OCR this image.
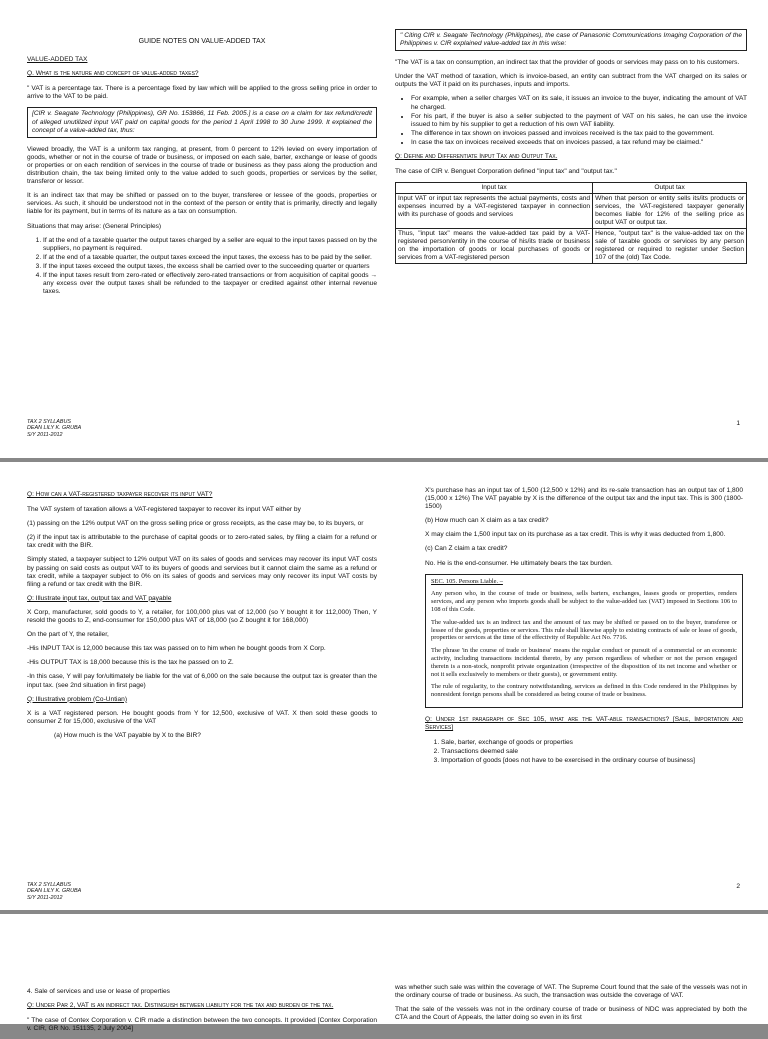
GUIDE NOTES ON VALUE-ADDED TAX

VALUE-ADDED TAX

Q. What is the nature and concept of value-added taxes?

" VAT is a percentage tax. There is a percentage fixed by law which will be applied to the gross selling price in order to arrive to the VAT to be paid.

[CIR v. Seagate Technology (Philippines), GR No. 153866, 11 Feb. 2005.] is a case on a claim for tax refund/credit of alleged unutilized input VAT paid on capital goods for the period 1 April 1998 to 30 June 1999. It explained the concept of a value-added tax, thus:

Viewed broadly, the VAT is a uniform tax ranging, at present, from 0 percent to 12% levied on every importation of goods, whether or not in the course of trade or business, or imposed on each sale, barter, exchange or lease of goods or properties or on each rendition of services in the course of trade or business as they pass along the production and distribution chain, the tax being limited only to the value added to such goods, properties or services by the seller, transferor or lessor.

It is an indirect tax that may be shifted or passed on to the buyer, transferee or lessee of the goods, properties or services. As such, it should be understood not in the context of the person or entity that is primarily, directly and legally liable for its payment, but in terms of its nature as a tax on consumption.

Situations that may arise: (General Principles)

1. If at the end of a taxable quarter the output taxes charged by a seller are equal to the input taxes passed on by the suppliers, no payment is required.
2. If at the end of a taxable quarter, the output taxes exceed the input taxes, the excess has to be paid by the seller.
3. If the input taxes exceed the output taxes, the excess shall be carried over to the succeeding quarter or quarters
4. If the input taxes result from zero-rated or effectively zero-rated transactions or from acquisition of capital goods → any excess over the output taxes shall be refunded to the taxpayer or credited against other internal revenue taxes.
" Citing CIR v. Seagate Technology (Philippines), the case of Panasonic Communications Imaging Corporation of the Philippines v. CIR explained value-added tax in this wise:

"The VAT is a tax on consumption, an indirect tax that the provider of goods or services may pass on to his customers.

Under the VAT method of taxation, which is invoice-based, an entity can subtract from the VAT charged on its sales or outputs the VAT it paid on its purchases, inputs and imports.

• For example, when a seller charges VAT on its sale, it issues an invoice to the buyer, indicating the amount of VAT he charged.
• For his part, if the buyer is also a seller subjected to the payment of VAT on his sales, he can use the invoice issued to him by his supplier to get a reduction of his own VAT liability.
• The difference in tax shown on invoices passed and invoices received is the tax paid to the government.
• In case the tax on invoices received exceeds that on invoices passed, a tax refund may be claimed."

Q: Define and Differentiate Input Tax and Output Tax.

The case of CIR v. Benguet Corporation defined "input tax" and "output tax."

Input tax	Output tax
Input VAT or input tax represents the actual payments, costs and expenses incurred by a VAT-registered taxpayer in connection with its purchase of goods and services	When that person or entity sells its/its products or services, the VAT-registered taxpayer generally becomes liable for 12% of the selling price as output VAT or output tax.
Thus, "input tax" means the value-added tax paid by a VAT-registered person/entity in the course of his/its trade or business on the importation of goods or local purchases of goods or services from a VAT-registered person	Hence, "output tax" is the value-added tax on the sale of taxable goods or services by any person registered or required to register under Section 107 of the (old) Tax Code.
TAX 2 SYLLABUS
DEAN LILY K. GRUBA
S/Y 2011-2012
1

Q: How can a VAT-registered taxpayer recover its input VAT?

The VAT system of taxation allows a VAT-registered taxpayer to recover its input VAT either by

(1) passing on the 12% output VAT on the gross selling price or gross receipts, as the case may be, to its buyers, or

(2) if the input tax is attributable to the purchase of capital goods or to zero-rated sales, by filing a claim for a refund or tax credit with the BIR.

Simply stated, a taxpayer subject to 12% output VAT on its sales of goods and services may recover its input VAT costs by passing on said costs as output VAT to its buyers of goods and services but it cannot claim the same as a refund or tax credit, while a taxpayer subject to 0% on its sales of goods and services may only recover its input VAT costs by filing a refund or tax credit with the BIR.

Q: Illustrate input tax, output tax and VAT payable

X Corp, manufacturer, sold goods to Y, a retailer, for 100,000 plus vat of 12,000 (so Y bought it for 112,000) Then, Y resold the goods to Z, end-consumer for 150,000 plus VAT of 18,000 (so Z bought it for 168,000)

On the part of Y, the retailer,

-His INPUT TAX is 12,000 because this tax was passed on to him when he bought goods from X Corp.

-His OUTPUT TAX is 18,000 because this is the tax he passed on to Z.

-In this case, Y will pay for/ultimately be liable for the vat of 6,000 on the sale because the output tax is greater than the input tax. (see 2nd situation in first page)

Q: Illustrative problem (Co-Untian)

X is a VAT registered person. He bought goods from Y for 12,500, exclusive of VAT. X then sold these goods to consumer Z for 15,000, exclusive of the VAT

(a) How much is the VAT payable by X to the BIR?

X's purchase has an input tax of 1,500 (12,500 x 12%) and its re-sale transaction has an output tax of 1,800 (15,000 x 12%) The VAT payable by X is the difference of the output tax and the input tax. This is 300 (1800-1500)

(b) How much can X claim as a tax credit?

X may claim the 1,500 input tax on its purchase as a tax credit. This is why it was deducted from 1,800.

(c) Can Z claim a tax credit?

No. He is the end-consumer. He ultimately bears the tax burden.

SEC. 105. Persons Liable. –

Any person who, in the course of trade or business, sells barters, exchanges, leases goods or properties, renders services, and any person who imports goods shall be subject to the value-added tax (VAT) imposed in Sections 106 to 108 of this Code.

The value-added tax is an indirect tax and the amount of tax may be shifted or passed on to the buyer, transferee or lessee of the goods, properties or services. This rule shall likewise apply to existing contracts of sale or lease of goods, properties or services at the time of the effectivity of Republic Act No. 7716.

The phrase 'in the course of trade or business' means the regular conduct or pursuit of a commercial or an economic activity, including transactions incidental thereto, by any person regardless of whether or not the person engaged therein is a non-stock, nonprofit private organization (irrespective of the disposition of its net income and whether or not it sells exclusively to members or their guests), or government entity.

The rule of regularity, to the contrary notwithstanding, services as defined in this Code rendered in the Philippines by nonresident foreign persons shall be considered as being course of trade or business.

Q: Under 1st paragraph of Sec 105, what are the VAT-able transactions? [Sale, Importation and Services]

1. Sale, barter, exchange of goods or properties
2. Transactions deemed sale
3. Importation of goods [does not have to be exercised in the ordinary course of business]
TAX 2 SYLLABUS
DEAN LILY K. GRUBA
S/Y 2011-2012
2

4. Sale of services and use or lease of properties

Q: Under Par 2, VAT is an indirect tax. Distinguish between liability for the tax and burden of the tax.

" The case of Contex Corporation v. CIR made a distinction between the two concepts. It provided [Contex Corporation v. CIR, GR No. 151135, 2 July 2004]

was whether such sale was within the coverage of VAT. The Supreme Court found that the sale of the vessels was not in the ordinary course of trade or business. As such, the transaction was outside the coverage of VAT.

That the sale of the vessels was not in the ordinary course of trade or business of NDC was appreciated by both the CTA and the Court of Appeals, the latter doing so even in its first
